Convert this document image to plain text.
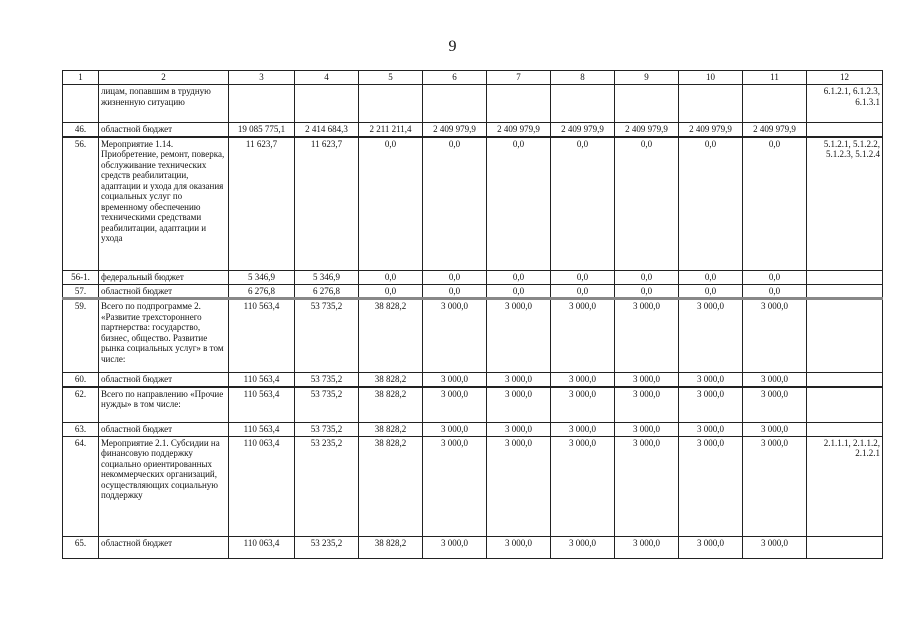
9
1	2	3	4	5	6	7	8	9	10	11	12
	лицам, попавшим в трудную жизненную ситуацию										6.1.2.1, 6.1.2.3, 6.1.3.1
46.	областной бюджет	19 085 775,1	2 414 684,3	2 211 211,4	2 409 979,9	2 409 979,9	2 409 979,9	2 409 979,9	2 409 979,9	2 409 979,9	
56.	Мероприятие 1.14. Приобретение, ремонт, поверка, обслуживание технических средств реабилитации, адаптации и ухода для оказания социальных услуг по временному обеспечению техническими средствами реабилитации, адаптации и ухода	11 623,7	11 623,7	0,0	0,0	0,0	0,0	0,0	0,0	0,0	5.1.2.1, 5.1.2.2, 5.1.2.3, 5.1.2.4
56-1.	федеральный бюджет	5 346,9	5 346,9	0,0	0,0	0,0	0,0	0,0	0,0	0,0	
57.	областной бюджет	6 276,8	6 276,8	0,0	0,0	0,0	0,0	0,0	0,0	0,0	
59.	Всего по подпрограмме 2. «Развитие трехстороннего партнерства: государство, бизнес, общество. Развитие рынка социальных услуг» в том числе:	110 563,4	53 735,2	38 828,2	3 000,0	3 000,0	3 000,0	3 000,0	3 000,0	3 000,0	
60.	областной бюджет	110 563,4	53 735,2	38 828,2	3 000,0	3 000,0	3 000,0	3 000,0	3 000,0	3 000,0	
62.	Всего по направлению «Прочие нужды» в том числе:	110 563,4	53 735,2	38 828,2	3 000,0	3 000,0	3 000,0	3 000,0	3 000,0	3 000,0	
63.	областной бюджет	110 563,4	53 735,2	38 828,2	3 000,0	3 000,0	3 000,0	3 000,0	3 000,0	3 000,0	
64.	Мероприятие 2.1. Субсидии на финансовую поддержку социально ориентированных некоммерческих организаций, осуществляющих социальную поддержку	110 063,4	53 235,2	38 828,2	3 000,0	3 000,0	3 000,0	3 000,0	3 000,0	3 000,0	2.1.1.1, 2.1.1.2, 2.1.2.1
65.	областной бюджет	110 063,4	53 235,2	38 828,2	3 000,0	3 000,0	3 000,0	3 000,0	3 000,0	3 000,0	
